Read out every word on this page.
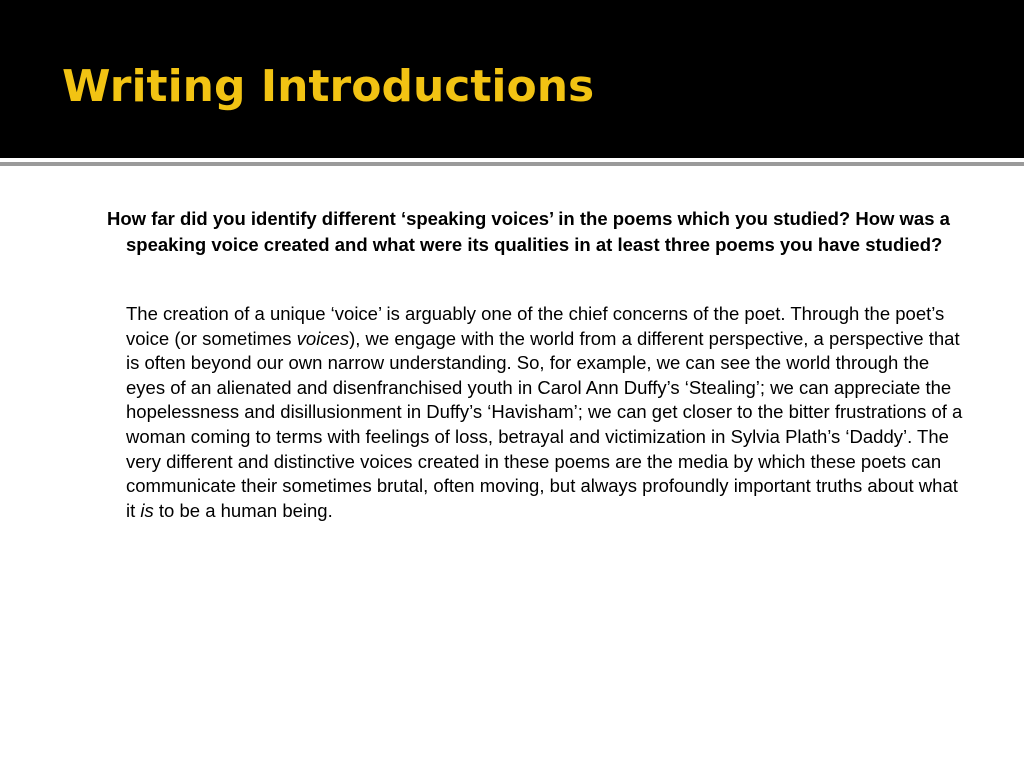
Writing Introductions

How far did you identify different ‘speaking voices’ in the poems which you studied? How was a speaking voice created and what were its qualities in at least three poems you have studied?

The creation of a unique ‘voice’ is arguably one of the chief concerns of the poet. Through the poet’s voice (or sometimes voices), we engage with the world from a different perspective, a perspective that is often beyond our own narrow understanding. So, for example, we can see the world through the eyes of an alienated and disenfranchised youth in Carol Ann Duffy’s ‘Stealing’; we can appreciate the hopelessness and disillusionment in Duffy’s ‘Havisham’; we can get closer to the bitter frustrations of a woman coming to terms with feelings of loss, betrayal and victimization in Sylvia Plath’s ‘Daddy’. The very different and distinctive voices created in these poems are the media by which these poets can communicate their sometimes brutal, often moving, but always profoundly important truths about what it is to be a human being.
